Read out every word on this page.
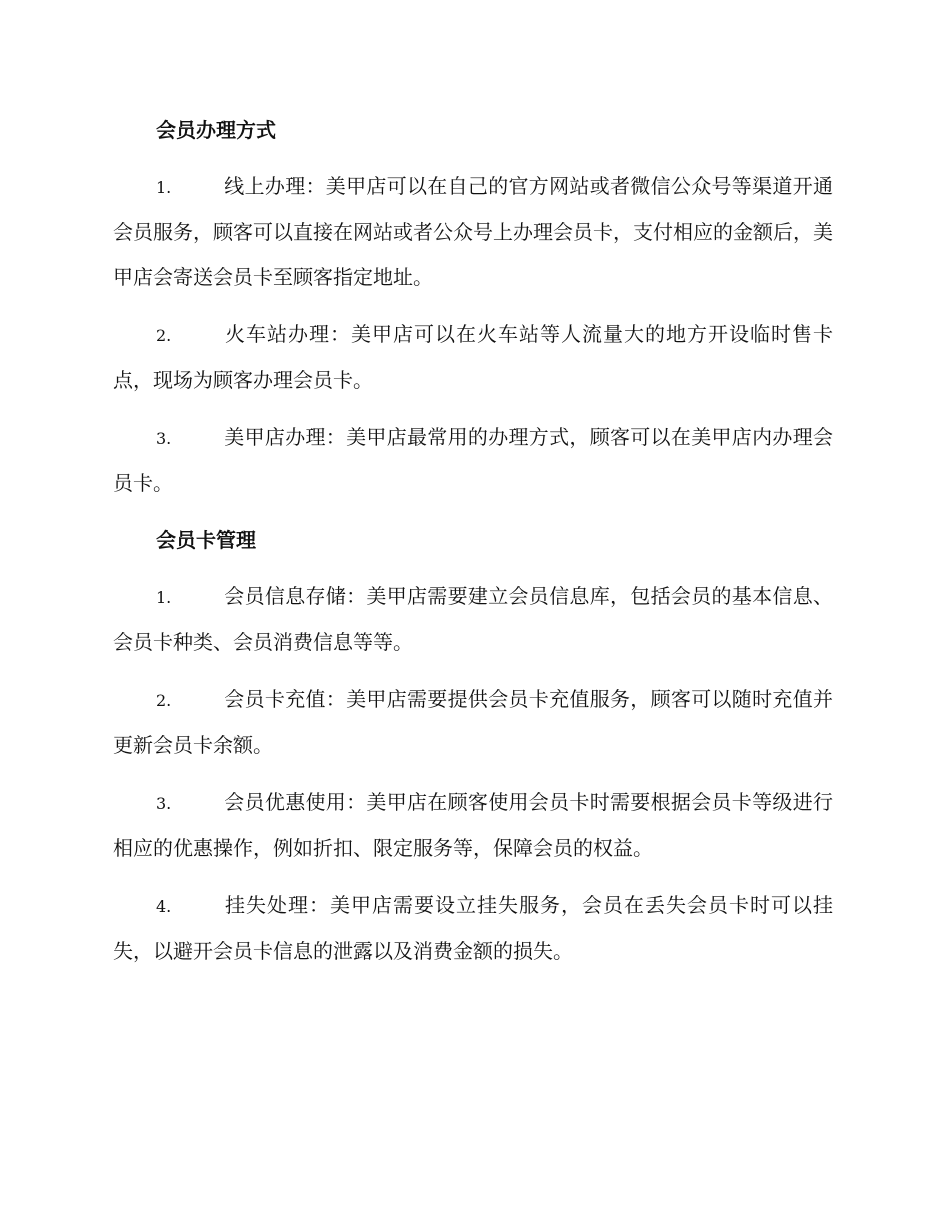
会员办理方式

1.	线上办理：美甲店可以在自己的官方网站或者微信公众号等渠道开通会员服务，顾客可以直接在网站或者公众号上办理会员卡，支付相应的金额后，美甲店会寄送会员卡至顾客指定地址。

2.	火车站办理：美甲店可以在火车站等人流量大的地方开设临时售卡点，现场为顾客办理会员卡。

3.	美甲店办理：美甲店最常用的办理方式，顾客可以在美甲店内办理会员卡。

会员卡管理

1.	会员信息存储：美甲店需要建立会员信息库，包括会员的基本信息、会员卡种类、会员消费信息等等。

2.	会员卡充值：美甲店需要提供会员卡充值服务，顾客可以随时充值并更新会员卡余额。

3.	会员优惠使用：美甲店在顾客使用会员卡时需要根据会员卡等级进行相应的优惠操作，例如折扣、限定服务等，保障会员的权益。

4.	挂失处理：美甲店需要设立挂失服务，会员在丢失会员卡时可以挂失，以避开会员卡信息的泄露以及消费金额的损失。
